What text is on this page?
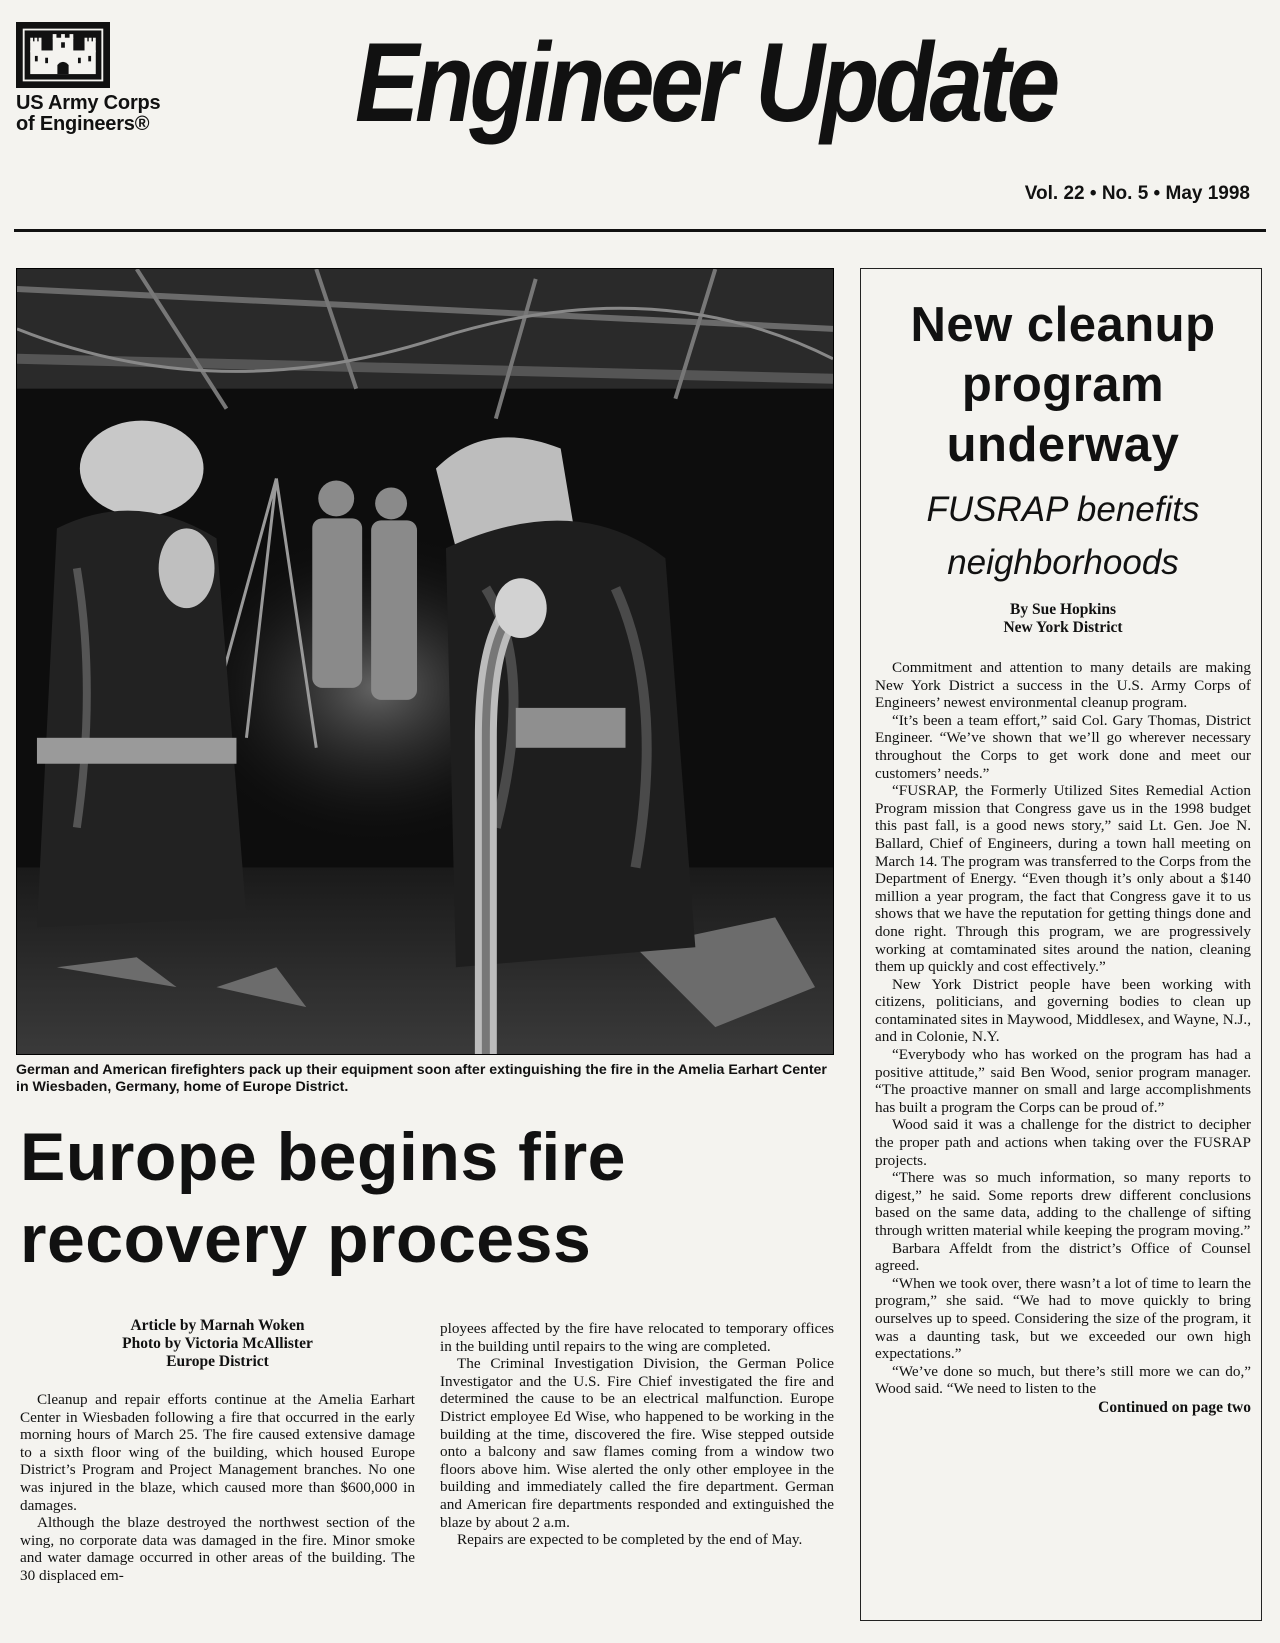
US Army Corps
of Engineers® Engineer Update
Vol. 22 • No. 5 • May 1998
German and American firefighters pack up their equipment soon after extinguishing the fire in the Amelia Earhart Center in Wiesbaden, Germany, home of Europe District.
Europe begins fire
recovery process
Article by Marnah Woken
Photo by Victoria McAllister
Europe District

Cleanup and repair efforts continue at the Amelia Earhart Center in Wiesbaden following a fire that occurred in the early morning hours of March 25. The fire caused extensive damage to a sixth floor wing of the building, which housed Europe District’s Program and Project Management branches. No one was injured in the blaze, which caused more than $600,000 in damages.

Although the blaze destroyed the northwest section of the wing, no corporate data was damaged in the fire. Minor smoke and water damage occurred in other areas of the building. The 30 displaced em-

ployees affected by the fire have relocated to temporary offices in the building until repairs to the wing are completed.

The Criminal Investigation Division, the German Police Investigator and the U.S. Fire Chief investigated the fire and determined the cause to be an electrical malfunction. Europe District employee Ed Wise, who happened to be working in the building at the time, discovered the fire. Wise stepped outside onto a balcony and saw flames coming from a window two floors above him. Wise alerted the only other employee in the building and immediately called the fire department. German and American fire departments responded and extinguished the blaze by about 2 a.m.

Repairs are expected to be completed by the end of May.

New cleanup
program
underway
FUSRAP benefits
neighborhoods
By Sue Hopkins
New York District

Commitment and attention to many details are making New York District a success in the U.S. Army Corps of Engineers’ newest environmental cleanup program.

“It’s been a team effort,” said Col. Gary Thomas, District Engineer. “We’ve shown that we’ll go wherever necessary throughout the Corps to get work done and meet our customers’ needs.”

“FUSRAP, the Formerly Utilized Sites Remedial Action Program mission that Congress gave us in the 1998 budget this past fall, is a good news story,” said Lt. Gen. Joe N. Ballard, Chief of Engineers, during a town hall meeting on March 14. The program was transferred to the Corps from the Department of Energy. “Even though it’s only about a $140 million a year program, the fact that Congress gave it to us shows that we have the reputation for getting things done and done right. Through this program, we are progressively working at comtaminated sites around the nation, cleaning them up quickly and cost effectively.”

New York District people have been working with citizens, politicians, and governing bodies to clean up contaminated sites in Maywood, Middlesex, and Wayne, N.J., and in Colonie, N.Y.

“Everybody who has worked on the program has had a positive attitude,” said Ben Wood, senior program manager. “The proactive manner on small and large accomplishments has built a program the Corps can be proud of.”

Wood said it was a challenge for the district to decipher the proper path and actions when taking over the FUSRAP projects.

“There was so much information, so many reports to digest,” he said. Some reports drew different conclusions based on the same data, adding to the challenge of sifting through written material while keeping the program moving.”

Barbara Affeldt from the district’s Office of Counsel agreed.

“When we took over, there wasn’t a lot of time to learn the program,” she said. “We had to move quickly to bring ourselves up to speed. Considering the size of the program, it was a daunting task, but we exceeded our own high expectations.”

“We’ve done so much, but there’s still more we can do,” Wood said. “We need to listen to the

Continued on page two
